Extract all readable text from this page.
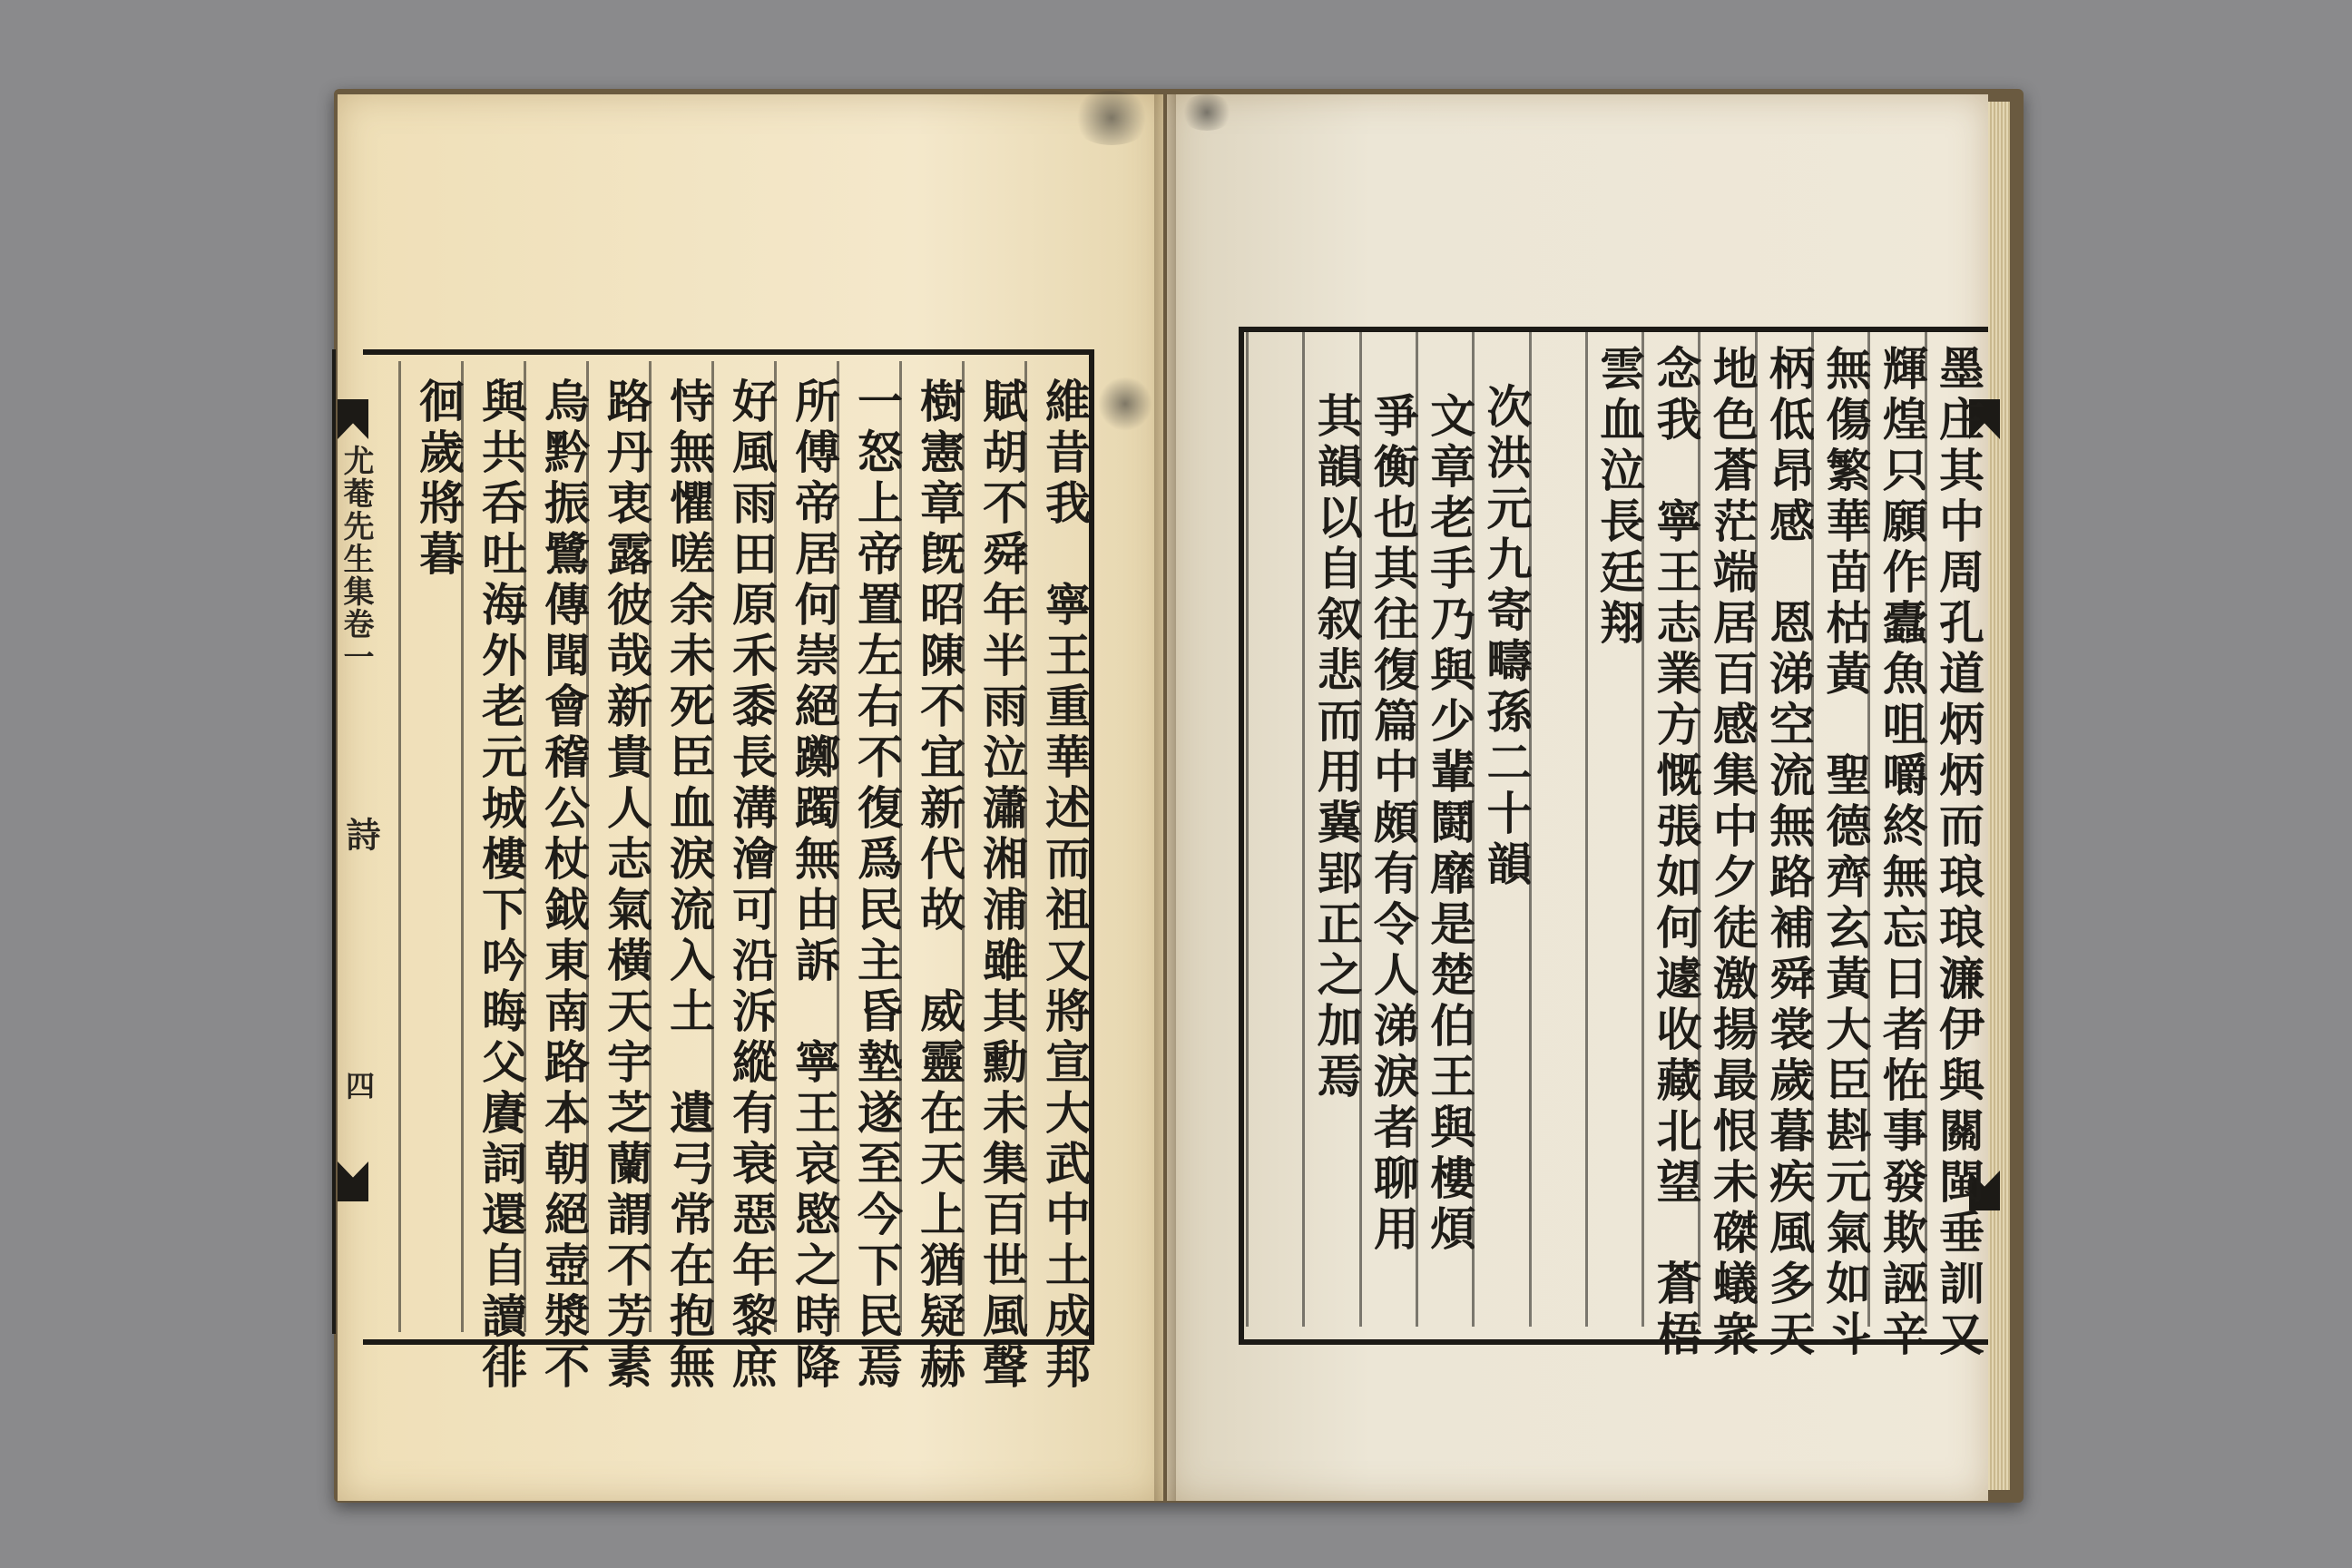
尤菴先生集卷一
詩
四	維昔我　寧王重華述而祖又將宣大武中土成邦
賦胡不舜年半雨泣瀟湘浦雖其勳未集百世風聲
樹憲章旣昭陳不宜新代故　威靈在天上猶疑赫
一怒上帝置左右不復爲民主昏墊遂至今下民焉
所傅帝居何崇絕躑躅無由訴　寧王哀愍之時降
好風雨田原禾黍長溝澮可沿泝縱有衰惡年黎庶
恃無懼嗟余未死臣血淚流入土　遺弓常在抱無
路丹衷露彼哉新貴人志氣橫天宇芝蘭謂不芳素
烏黔振鷺傳聞會稽公杖鉞東南路本朝絕壺漿不
與共呑吐海外老元城樓下吟晦父賡詞還自讀徘
徊歲將暮	墨庄其中周孔道炳炳而琅琅濂伊與關閩垂訓又
輝煌只願作蠹魚咀嚼終無忘日者恠事發欺誣辛
無傷繁華苗枯黃　聖德齊玄黃大臣斟元氣如斗
柄低昂感　恩涕空流無路補舜裳歲暮疾風多天
地色蒼茫端居百感集中夕徒激揚最恨未磔蟻衆
念我　寧王志業方慨張如何遽收藏北望　蒼梧
雲血泣長廷翔
次洪元九寄疇孫二十韻
文章老手乃與少輩鬪靡是楚伯王與樓煩
爭衡也其往復篇中頗有令人涕淚者聊用
其韻以自叙悲而用冀郢正之加焉
